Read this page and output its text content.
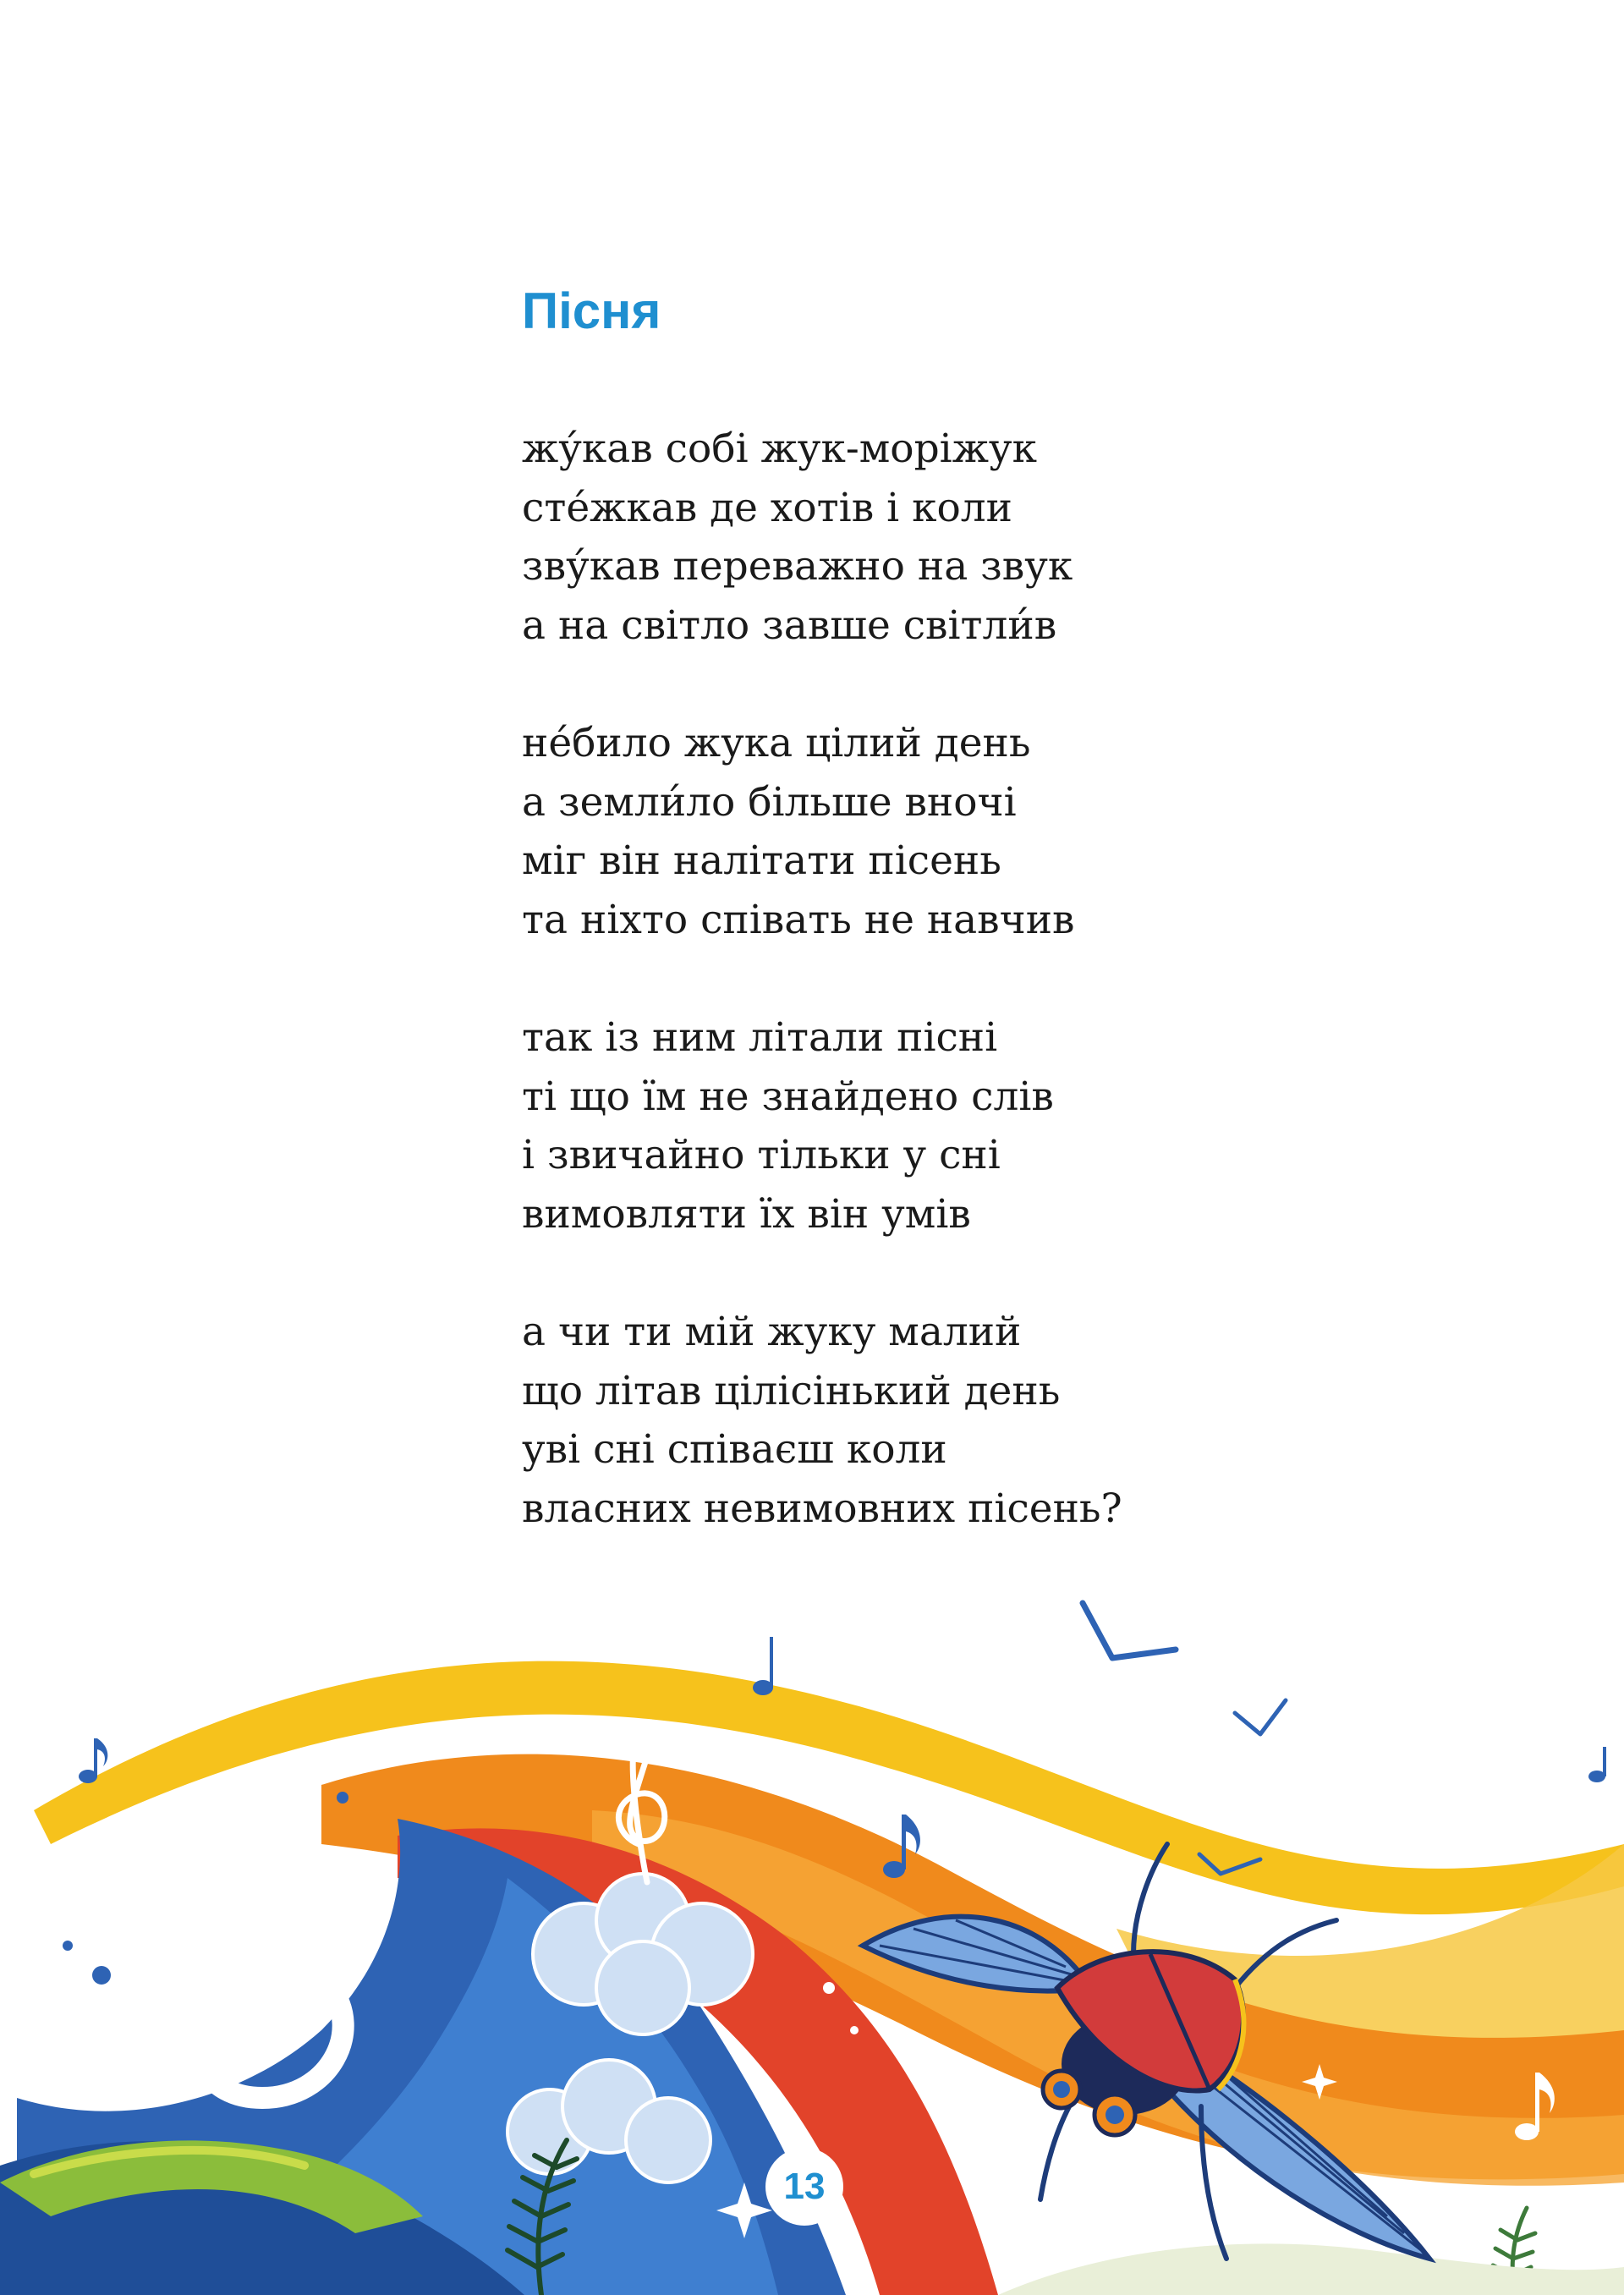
Пісня
жу́кав собі жук-моріжук
сте́жкав де хотів і коли
зву́кав переважно на звук
а на світло завше світли́в
не́било жука цілий день
а земли́ло більше вночі
міг він налітати пісень
та ніхто співать не навчив
так із ним літали пісні
ті що їм не знайдено слів
і звичайно тільки у сні
вимовляти їх він умів
а чи ти мій жуку малий
що літав цілісінький день
уві сні співаєш коли
власних невимовних пісень?
13
